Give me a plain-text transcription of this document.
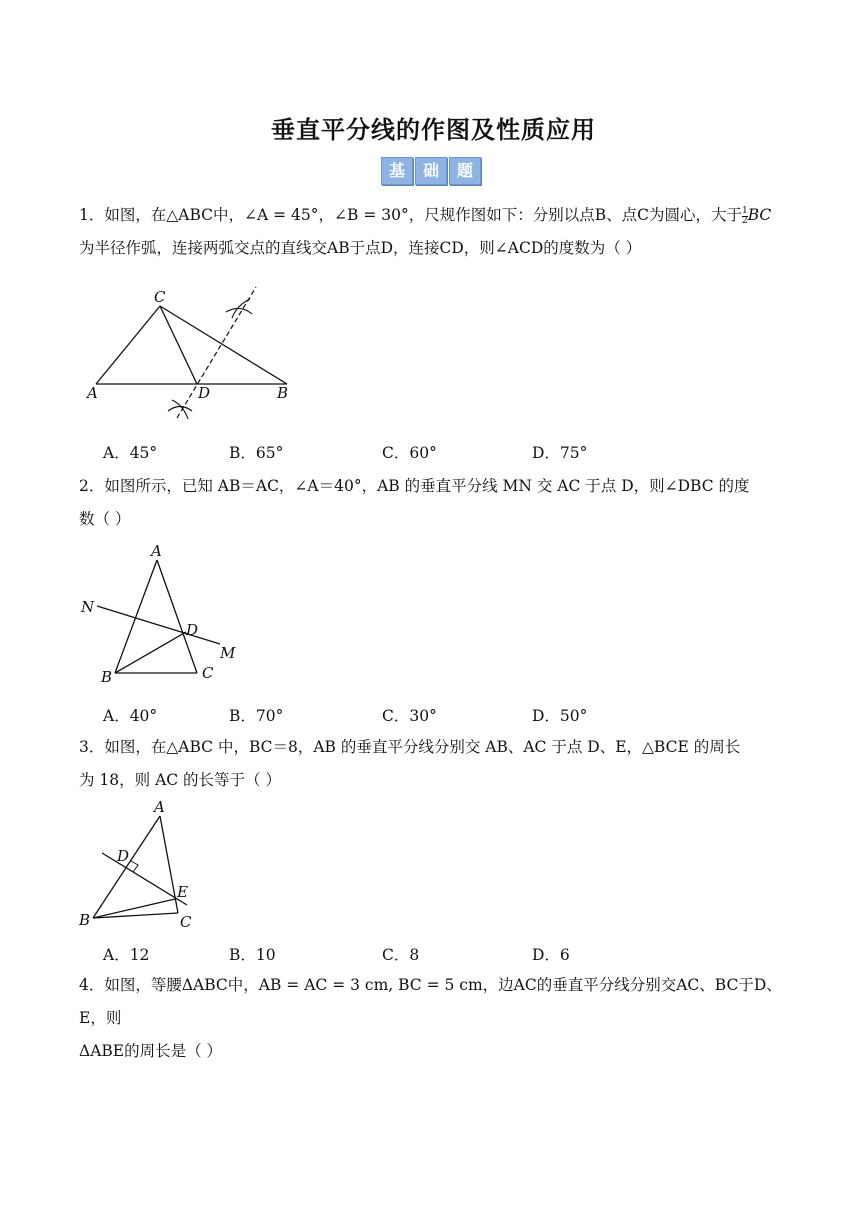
垂直平分线的作图及性质应用
基	础	题
1．如图，在△ABC中，∠A = 45°，∠B = 30°，尺规作图如下：分别以点B、点C为圆心，大于 $\frac{1}{2}$ BC
为半径作弧，连接两弧交点的直线交AB于点D，连接CD，则∠ACD的度数为（ ）
C
A	D	B
A．45°	B．65°	C．60°	D．75°
2．如图所示，已知 AB＝AC，∠A＝40°，AB 的垂直平分线 MN 交 AC 于点 D，则∠DBC 的度
数（ ）
A
N
D
M
B	C
A．40°	B．70°	C．30°	D．50°
3．如图，在△ABC 中，BC＝8，AB 的垂直平分线分别交 AB、AC 于点 D、E，△BCE 的周长
为 18，则 AC 的长等于（ ）
A
D
E
B	C
A．12	B．10	C．8	D．6
4．如图，等腰ΔABC中，AB = AC = 3 cm, BC = 5 cm，边AC的垂直平分线分别交AC、BC于D、E，则
ΔABE的周长是（ ）
